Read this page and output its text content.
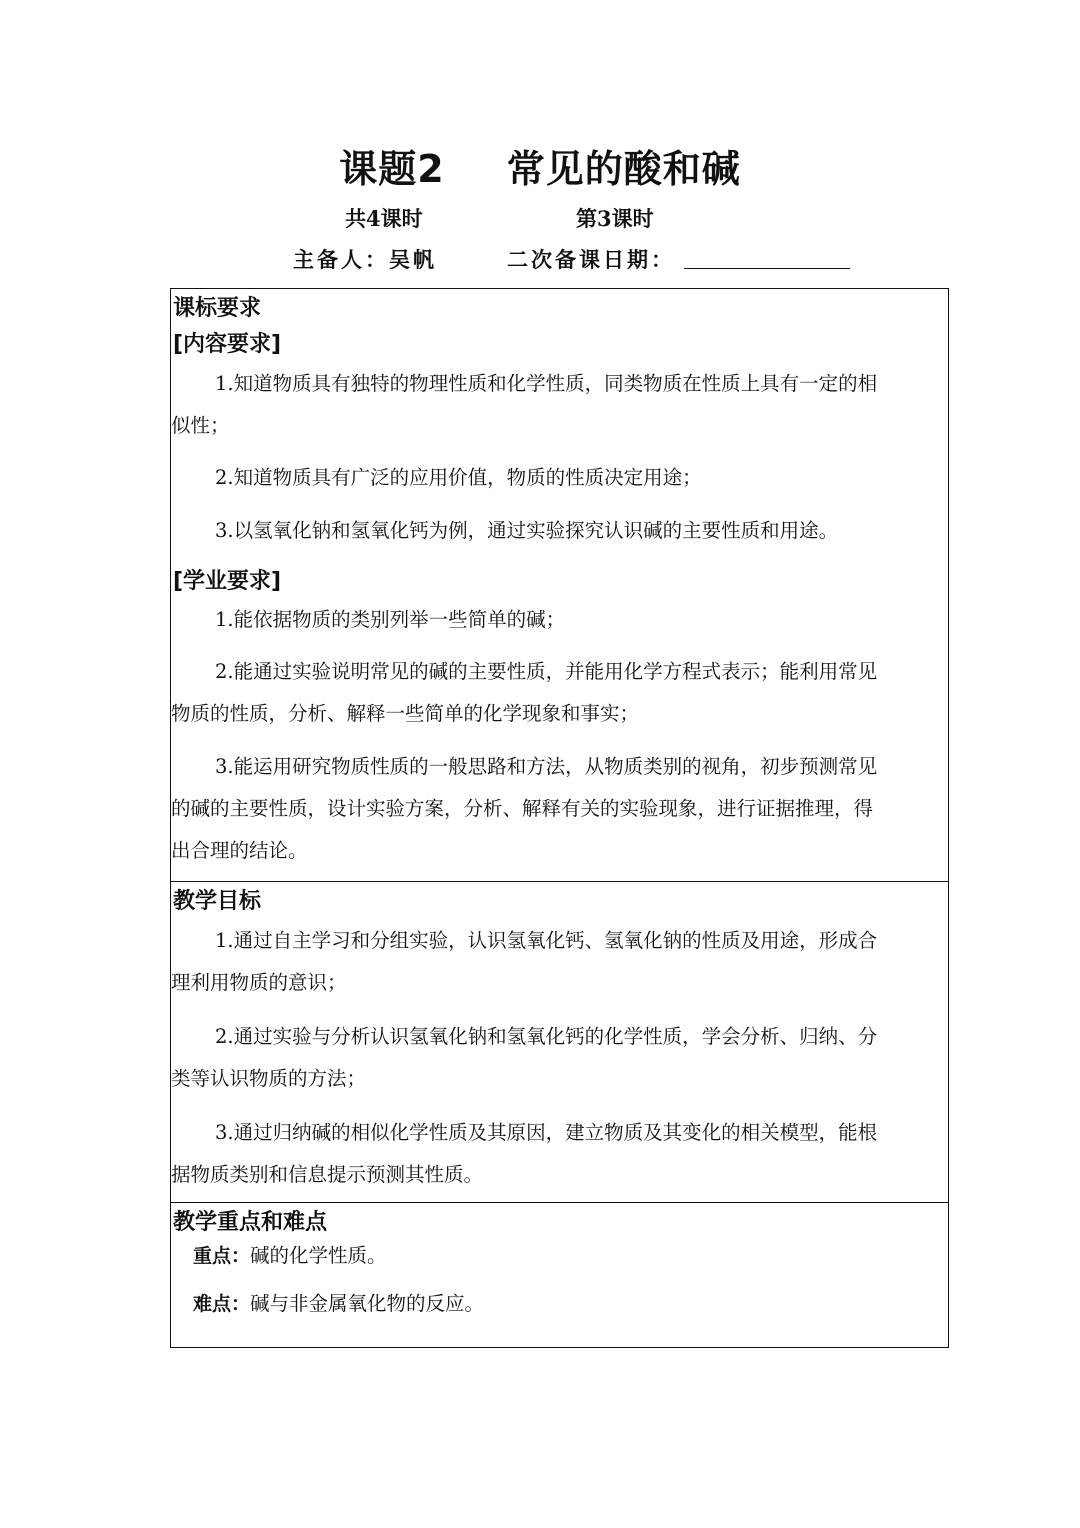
课题2 常见的酸和碱
共4课时	第3课时
主备人：吴帆	二次备课日期：
课标要求
[内容要求]
1.知道物质具有独特的物理性质和化学性质，同类物质在性质上具有一定的相
似性；
2.知道物质具有广泛的应用价值，物质的性质决定用途；
3.以氢氧化钠和氢氧化钙为例，通过实验探究认识碱的主要性质和用途。
[学业要求]
1.能依据物质的类别列举一些简单的碱；
2.能通过实验说明常见的碱的主要性质，并能用化学方程式表示；能利用常见
物质的性质，分析、解释一些简单的化学现象和事实；
3.能运用研究物质性质的一般思路和方法，从物质类别的视角，初步预测常见
的碱的主要性质，设计实验方案，分析、解释有关的实验现象，进行证据推理，得
出合理的结论。
教学目标
1.通过自主学习和分组实验，认识氢氧化钙、氢氧化钠的性质及用途，形成合
理利用物质的意识；
2.通过实验与分析认识氢氧化钠和氢氧化钙的化学性质，学会分析、归纳、分
类等认识物质的方法；
3.通过归纳碱的相似化学性质及其原因，建立物质及其变化的相关模型，能根
据物质类别和信息提示预测其性质。
教学重点和难点
重点：碱的化学性质。
难点：碱与非金属氧化物的反应。
